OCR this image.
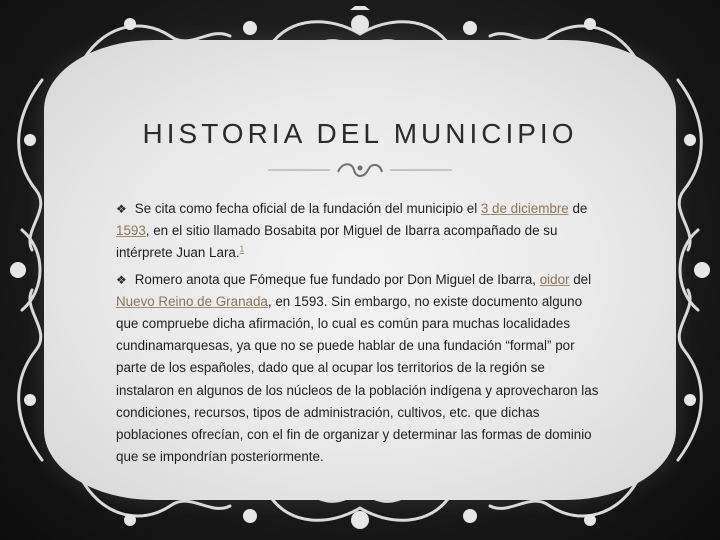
HISTORIA DEL MUNICIPIO

❖ Se cita como fecha oficial de la fundación del municipio el 3 de diciembre de 1593, en el sitio llamado Bosabita por Miguel de Ibarra acompañado de su intérprete Juan Lara.$^1$

❖ Romero anota que Fómeque fue fundado por Don Miguel de Ibarra, oidor del Nuevo Reino de Granada, en 1593. Sin embargo, no existe documento alguno que compruebe dicha afirmación, lo cual es común para muchas localidades cundinamarquesas, ya que no se puede hablar de una fundación “formal” por parte de los españoles, dado que al ocupar los territorios de la región se instalaron en algunos de los núcleos de la población indígena y aprovecharon las condiciones, recursos, tipos de administración, cultivos, etc. que dichas poblaciones ofrecían, con el fin de organizar y determinar las formas de dominio que se impondrían posteriormente.
